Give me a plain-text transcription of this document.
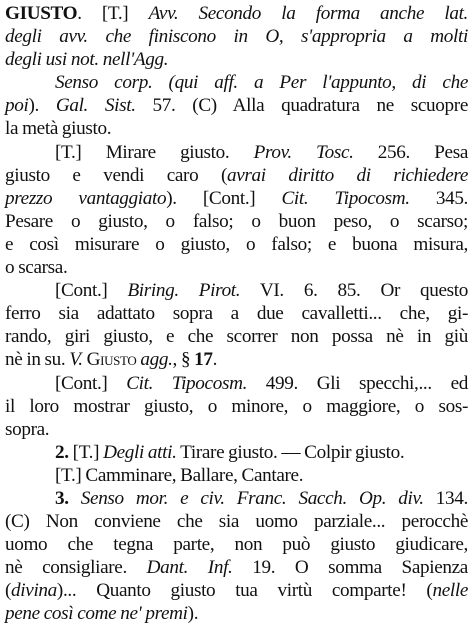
GIUSTO. [T.] Avv. Secondo la forma anche lat.
degli avv. che finiscono in O, s'appropria a molti
degli usi not. nell'Agg.
Senso corp. (qui aff. a Per l'appunto, di che
poi). Gal. Sist. 57. (C) Alla quadratura ne scuopre
la metà giusto.
[T.] Mirare giusto. Prov. Tosc. 256. Pesa
giusto e vendi caro (avrai diritto di richiedere
prezzo vantaggiato). [Cont.] Cit. Tipocosm. 345.
Pesare o giusto, o falso; o buon peso, o scarso;
e così misurare o giusto, o falso; e buona misura,
o scarsa.
[Cont.] Biring. Pirot. VI. 6. 85. Or questo
ferro sia adattato sopra a due cavalletti... che, gi-
rando, giri giusto, e che scorrer non possa nè in giù
nè in su. V. Giusto agg., § 17.
[Cont.] Cit. Tipocosm. 499. Gli specchi,... ed
il loro mostrar giusto, o minore, o maggiore, o sos-
sopra.
2. [T.] Degli atti. Tirare giusto. — Colpir giusto.
[T.] Camminare, Ballare, Cantare.
3. Senso mor. e civ. Franc. Sacch. Op. div. 134.
(C) Non conviene che sia uomo parziale... perocchè
uomo che tegna parte, non può giusto giudicare,
nè consigliare. Dant. Inf. 19. O somma Sapienza
(divina)... Quanto giusto tua virtù comparte! (nelle
pene così come ne' premi).
